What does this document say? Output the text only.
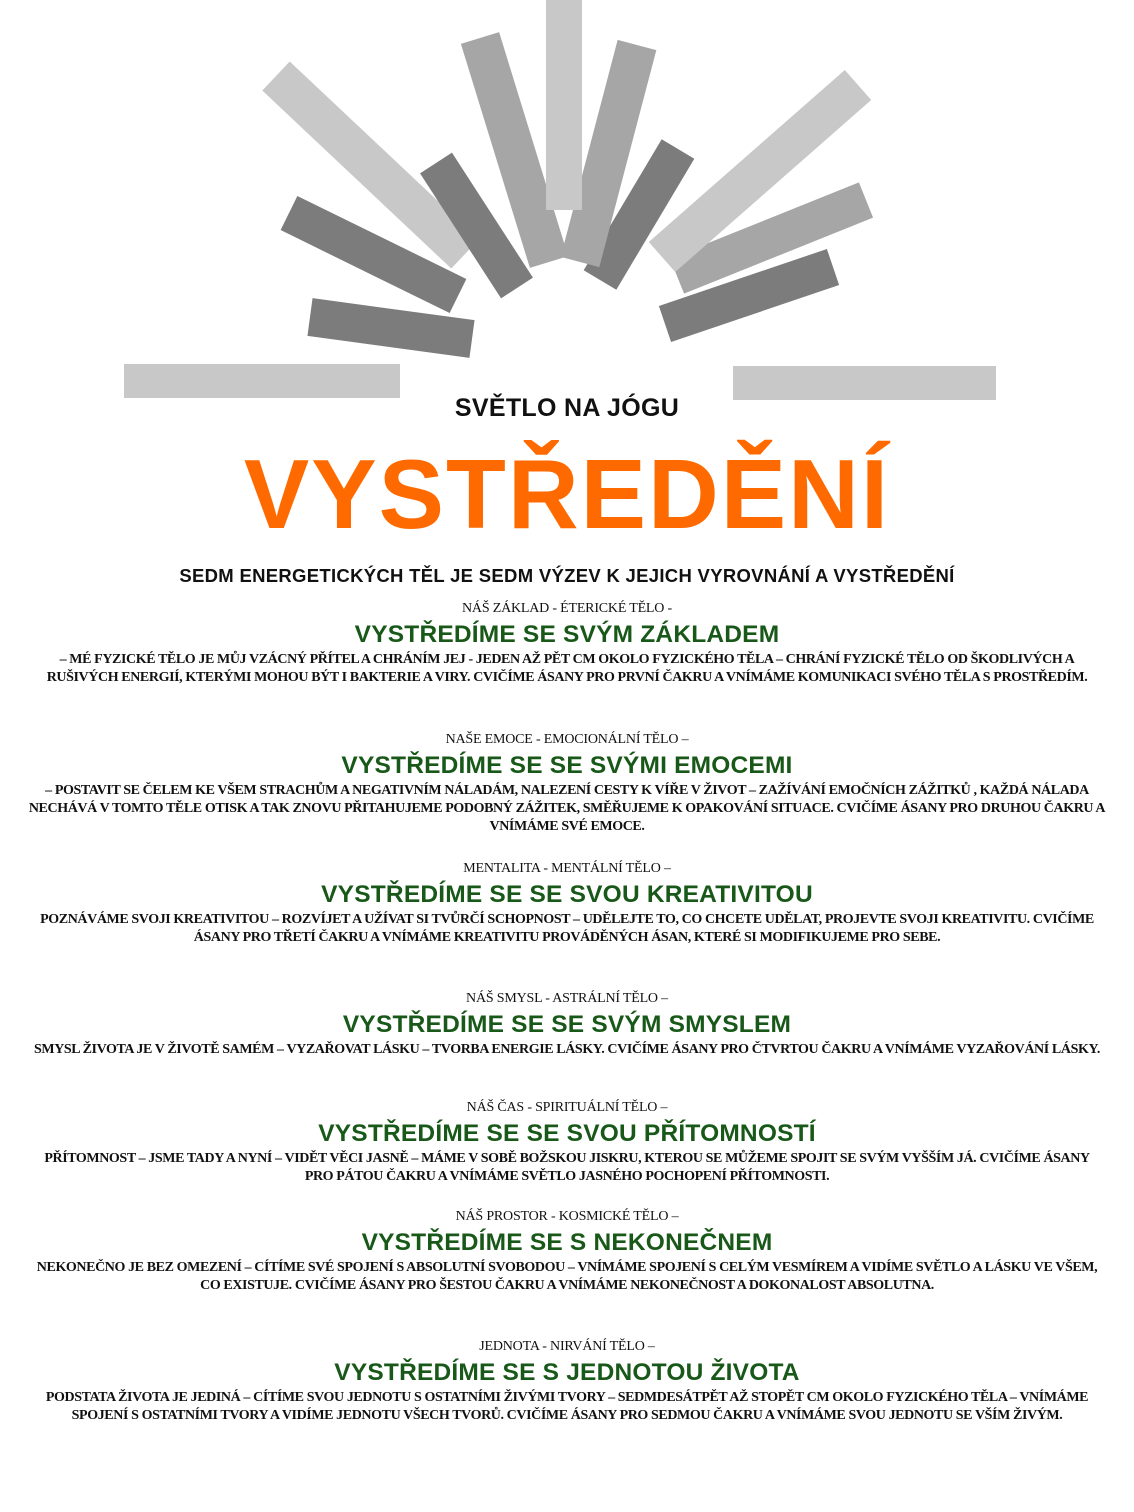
SVĚTLO NA JÓGU
VYSTŘEDĚNÍ
SEDM ENERGETICKÝCH TĚL JE SEDM VÝZEV K JEJICH VYROVNÁNÍ A VYSTŘEDĚNÍ
NÁŠ ZÁKLAD - ÉTERICKÉ TĚLO -
VYSTŘEDÍME SE SVÝM ZÁKLADEM
– MÉ FYZICKÉ TĚLO JE MŮJ VZÁCNÝ PŘÍTEL A CHRÁNÍM JEJ - JEDEN AŽ PĚT CM OKOLO FYZICKÉHO TĚLA – CHRÁNÍ FYZICKÉ TĚLO OD ŠKODLIVÝCH A RUŠIVÝCH ENERGIÍ, KTERÝMI MOHOU BÝT I BAKTERIE A VIRY. CVIČÍME ÁSANY PRO PRVNÍ ČAKRU A VNÍMÁME KOMUNIKACI SVÉHO TĚLA S PROSTŘEDÍM.
NAŠE EMOCE - EMOCIONÁLNÍ TĚLO –
VYSTŘEDÍME SE SE SVÝMI EMOCEMI
– POSTAVIT SE ČELEM KE VŠEM STRACHŮM A NEGATIVNÍM NÁLADÁM, NALEZENÍ CESTY K VÍŘE V ŽIVOT – ZAŽÍVÁNÍ EMOČNÍCH ZÁŽITKŮ , KAŽDÁ NÁLADA NECHÁVÁ V TOMTO TĚLE OTISK A TAK ZNOVU PŘITAHUJEME PODOBNÝ ZÁŽITEK, SMĚŘUJEME K OPAKOVÁNÍ SITUACE. CVIČÍME ÁSANY PRO DRUHOU ČAKRU A VNÍMÁME SVÉ EMOCE.
MENTALITA - MENTÁLNÍ TĚLO –
VYSTŘEDÍME SE SE SVOU KREATIVITOU
POZNÁVÁME SVOJI KREATIVITOU – ROZVÍJET A UŽÍVAT SI TVŮRČÍ SCHOPNOST – UDĚLEJTE TO, CO CHCETE UDĚLAT, PROJEVTE SVOJI KREATIVITU. CVIČÍME ÁSANY PRO TŘETÍ ČAKRU A VNÍMÁME KREATIVITU PROVÁDĚNÝCH ÁSAN, KTERÉ SI MODIFIKUJEME PRO SEBE.
NÁŠ SMYSL - ASTRÁLNÍ TĚLO –
VYSTŘEDÍME SE SE SVÝM SMYSLEM
SMYSL ŽIVOTA JE V ŽIVOTĚ SAMÉM – VYZAŘOVAT LÁSKU – TVORBA ENERGIE LÁSKY. CVIČÍME ÁSANY PRO ČTVRTOU ČAKRU A VNÍMÁME VYZAŘOVÁNÍ LÁSKY.
NÁŠ ČAS - SPIRITUÁLNÍ TĚLO –
VYSTŘEDÍME SE SE SVOU PŘÍTOMNOSTÍ
PŘÍTOMNOST – JSME TADY A NYNÍ – VIDĚT VĚCI JASNĚ – MÁME V SOBĚ BOŽSKOU JISKRU, KTEROU SE MŮŽEME SPOJIT SE SVÝM VYŠŠÍM JÁ. CVIČÍME ÁSANY PRO PÁTOU ČAKRU A VNÍMÁME SVĚTLO JASNÉHO POCHOPENÍ PŘÍTOMNOSTI.
NÁŠ PROSTOR - KOSMICKÉ TĚLO –
VYSTŘEDÍME SE S NEKONEČNEM
NEKONEČNO JE BEZ OMEZENÍ – CÍTÍME SVÉ SPOJENÍ S ABSOLUTNÍ SVOBODOU – VNÍMÁME SPOJENÍ S CELÝM VESMÍREM A VIDÍME SVĚTLO A LÁSKU VE VŠEM, CO EXISTUJE. CVIČÍME ÁSANY PRO ŠESTOU ČAKRU A VNÍMÁME NEKONEČNOST A DOKONALOST ABSOLUTNA.
JEDNOTA - NIRVÁNÍ TĚLO –
VYSTŘEDÍME SE S JEDNOTOU ŽIVOTA
PODSTATA ŽIVOTA JE JEDINÁ – CÍTÍME SVOU JEDNOTU S OSTATNÍMI ŽIVÝMI TVORY – SEDMDESÁTPĚT AŽ STOPĚT CM OKOLO FYZICKÉHO TĚLA – VNÍMÁME SPOJENÍ S OSTATNÍMI TVORY A VIDÍME JEDNOTU VŠECH TVORŮ. CVIČÍME ÁSANY PRO SEDMOU ČAKRU A VNÍMÁME SVOU JEDNOTU SE VŠÍM ŽIVÝM.
